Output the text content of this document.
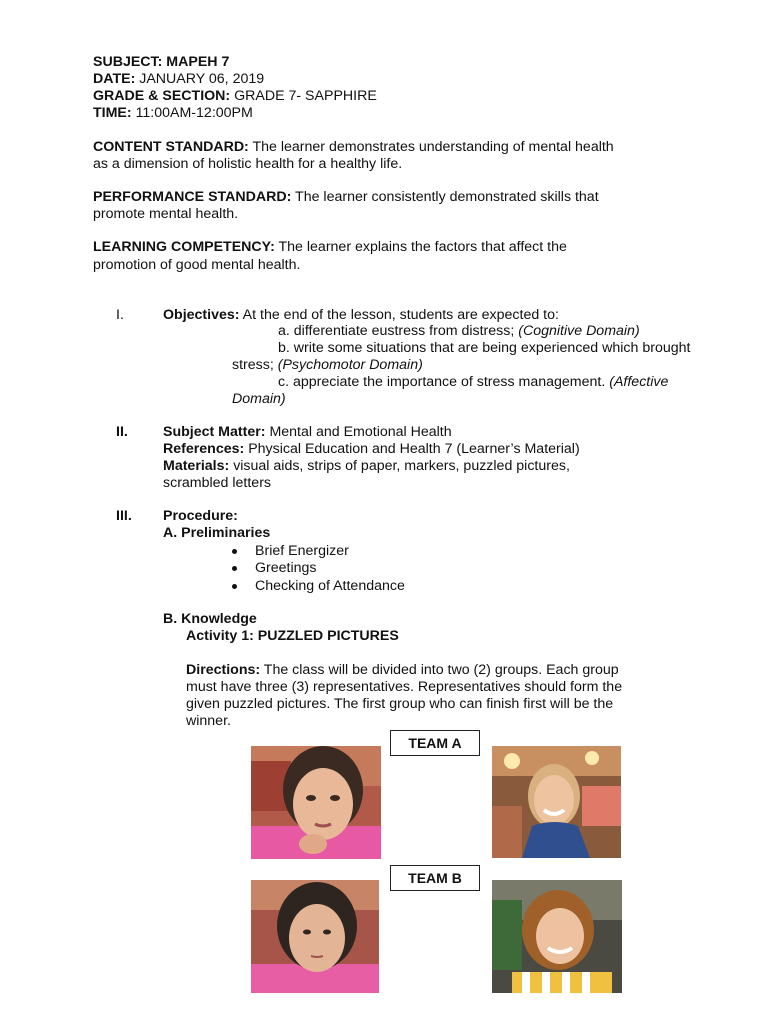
SUBJECT: MAPEH 7
DATE: JANUARY 06, 2019
GRADE & SECTION: GRADE 7- SAPPHIRE
TIME: 11:00AM-12:00PM
CONTENT STANDARD: The learner demonstrates understanding of mental health
as a dimension of holistic health for a healthy life.
PERFORMANCE STANDARD: The learner consistently demonstrated skills that
promote mental health.
LEARNING COMPETENCY: The learner explains the factors that affect the
promotion of good mental health.
I.	Objectives: At the end of the lesson, students are expected to:
a. differentiate eustress from distress; (Cognitive Domain)
b. write some situations that are being experienced which brought
stress; (Psychomotor Domain)
c. appreciate the importance of stress management. (Affective
Domain)
II. Subject Matter: Mental and Emotional Health
References: Physical Education and Health 7 (Learner’s Material)
Materials: visual aids, strips of paper, markers, puzzled pictures,
scrambled letters
III. Procedure:
A. Preliminaries
Brief Energizer
Greetings
Checking of Attendance
B. Knowledge
Activity 1: PUZZLED PICTURES
Directions: The class will be divided into two (2) groups. Each group
must have three (3) representatives. Representatives should form the
given puzzled pictures. The first group who can finish first will be the
winner.
TEAM A
TEAM B
